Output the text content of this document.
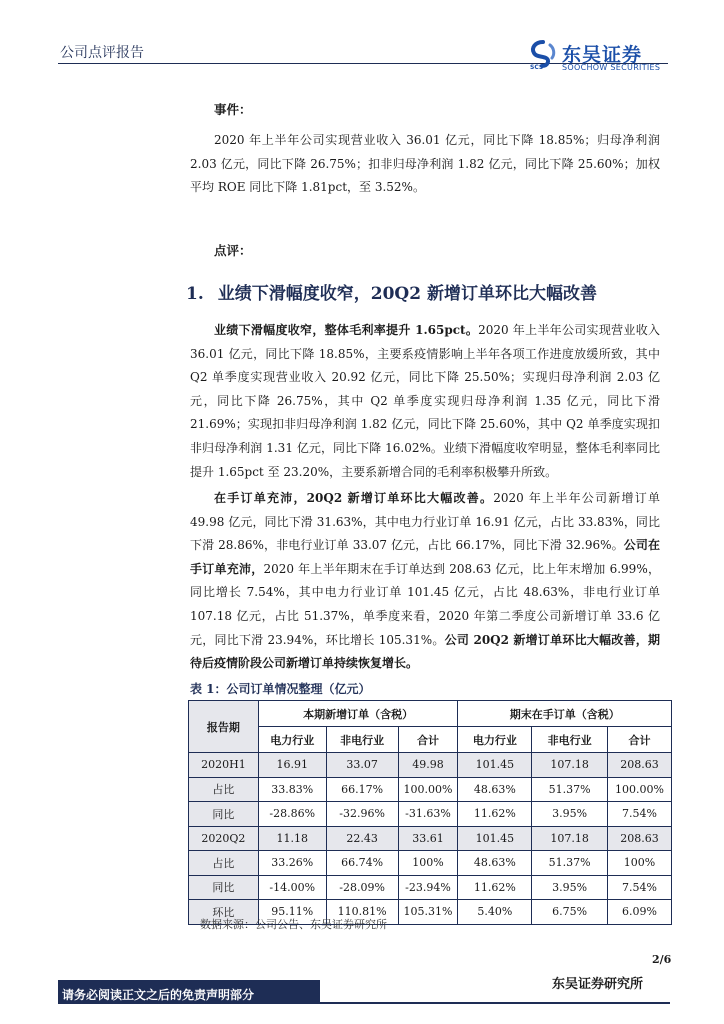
公司点评报告
SCS
东吴证券
SOOCHOW SECURITIES
事件：
2020 年上半年公司实现营业收入 36.01 亿元，同比下降 18.85%；归母净利润 2.03 亿元，同比下降 26.75%；扣非归母净利润 1.82 亿元，同比下降 25.60%；加权平均 ROE 同比下降 1.81pct，至 3.52%。
点评：
1. 业绩下滑幅度收窄，20Q2 新增订单环比大幅改善
业绩下滑幅度收窄，整体毛利率提升 1.65pct。2020 年上半年公司实现营业收入 36.01 亿元，同比下降 18.85%，主要系疫情影响上半年各项工作进度放缓所致，其中 Q2 单季度实现营业收入 20.92 亿元，同比下降 25.50%；实现归母净利润 2.03 亿元，同比下降 26.75%，其中 Q2 单季度实现归母净利润 1.35 亿元，同比下滑 21.69%；实现扣非归母净利润 1.82 亿元，同比下降 25.60%，其中 Q2 单季度实现扣非归母净利润 1.31 亿元，同比下降 16.02%。业绩下滑幅度收窄明显，整体毛利率同比提升 1.65pct 至 23.20%，主要系新增合同的毛利率积极攀升所致。
在手订单充沛，20Q2 新增订单环比大幅改善。2020 年上半年公司新增订单 49.98 亿元，同比下滑 31.63%，其中电力行业订单 16.91 亿元，占比 33.83%，同比下滑 28.86%，非电行业订单 33.07 亿元，占比 66.17%，同比下滑 32.96%。公司在手订单充沛，2020 年上半年期末在手订单达到 208.63 亿元，比上年末增加 6.99%，同比增长 7.54%，其中电力行业订单 101.45 亿元，占比 48.63%，非电行业订单 107.18 亿元，占比 51.37%，单季度来看，2020 年第二季度公司新增订单 33.6 亿元，同比下滑 23.94%，环比增长 105.31%。公司 20Q2 新增订单环比大幅改善，期待后疫情阶段公司新增订单持续恢复增长。
表 1：公司订单情况整理（亿元）
报告期	本期新增订单（含税）			期末在手订单（含税）		
	电力行业	非电行业	合计	电力行业	非电行业	合计
2020H1	16.91	33.07	49.98	101.45	107.18	208.63
占比	33.83%	66.17%	100.00%	48.63%	51.37%	100.00%
同比	-28.86%	-32.96%	-31.63%	11.62%	3.95%	7.54%
2020Q2	11.18	22.43	33.61	101.45	107.18	208.63
占比	33.26%	66.74%	100%	48.63%	51.37%	100%
同比	-14.00%	-28.09%	-23.94%	11.62%	3.95%	7.54%
环比	95.11%	110.81%	105.31%	5.40%	6.75%	6.09%
数据来源：公司公告、东吴证券研究所
2/6
请务必阅读正文之后的免责声明部分
东吴证券研究所
